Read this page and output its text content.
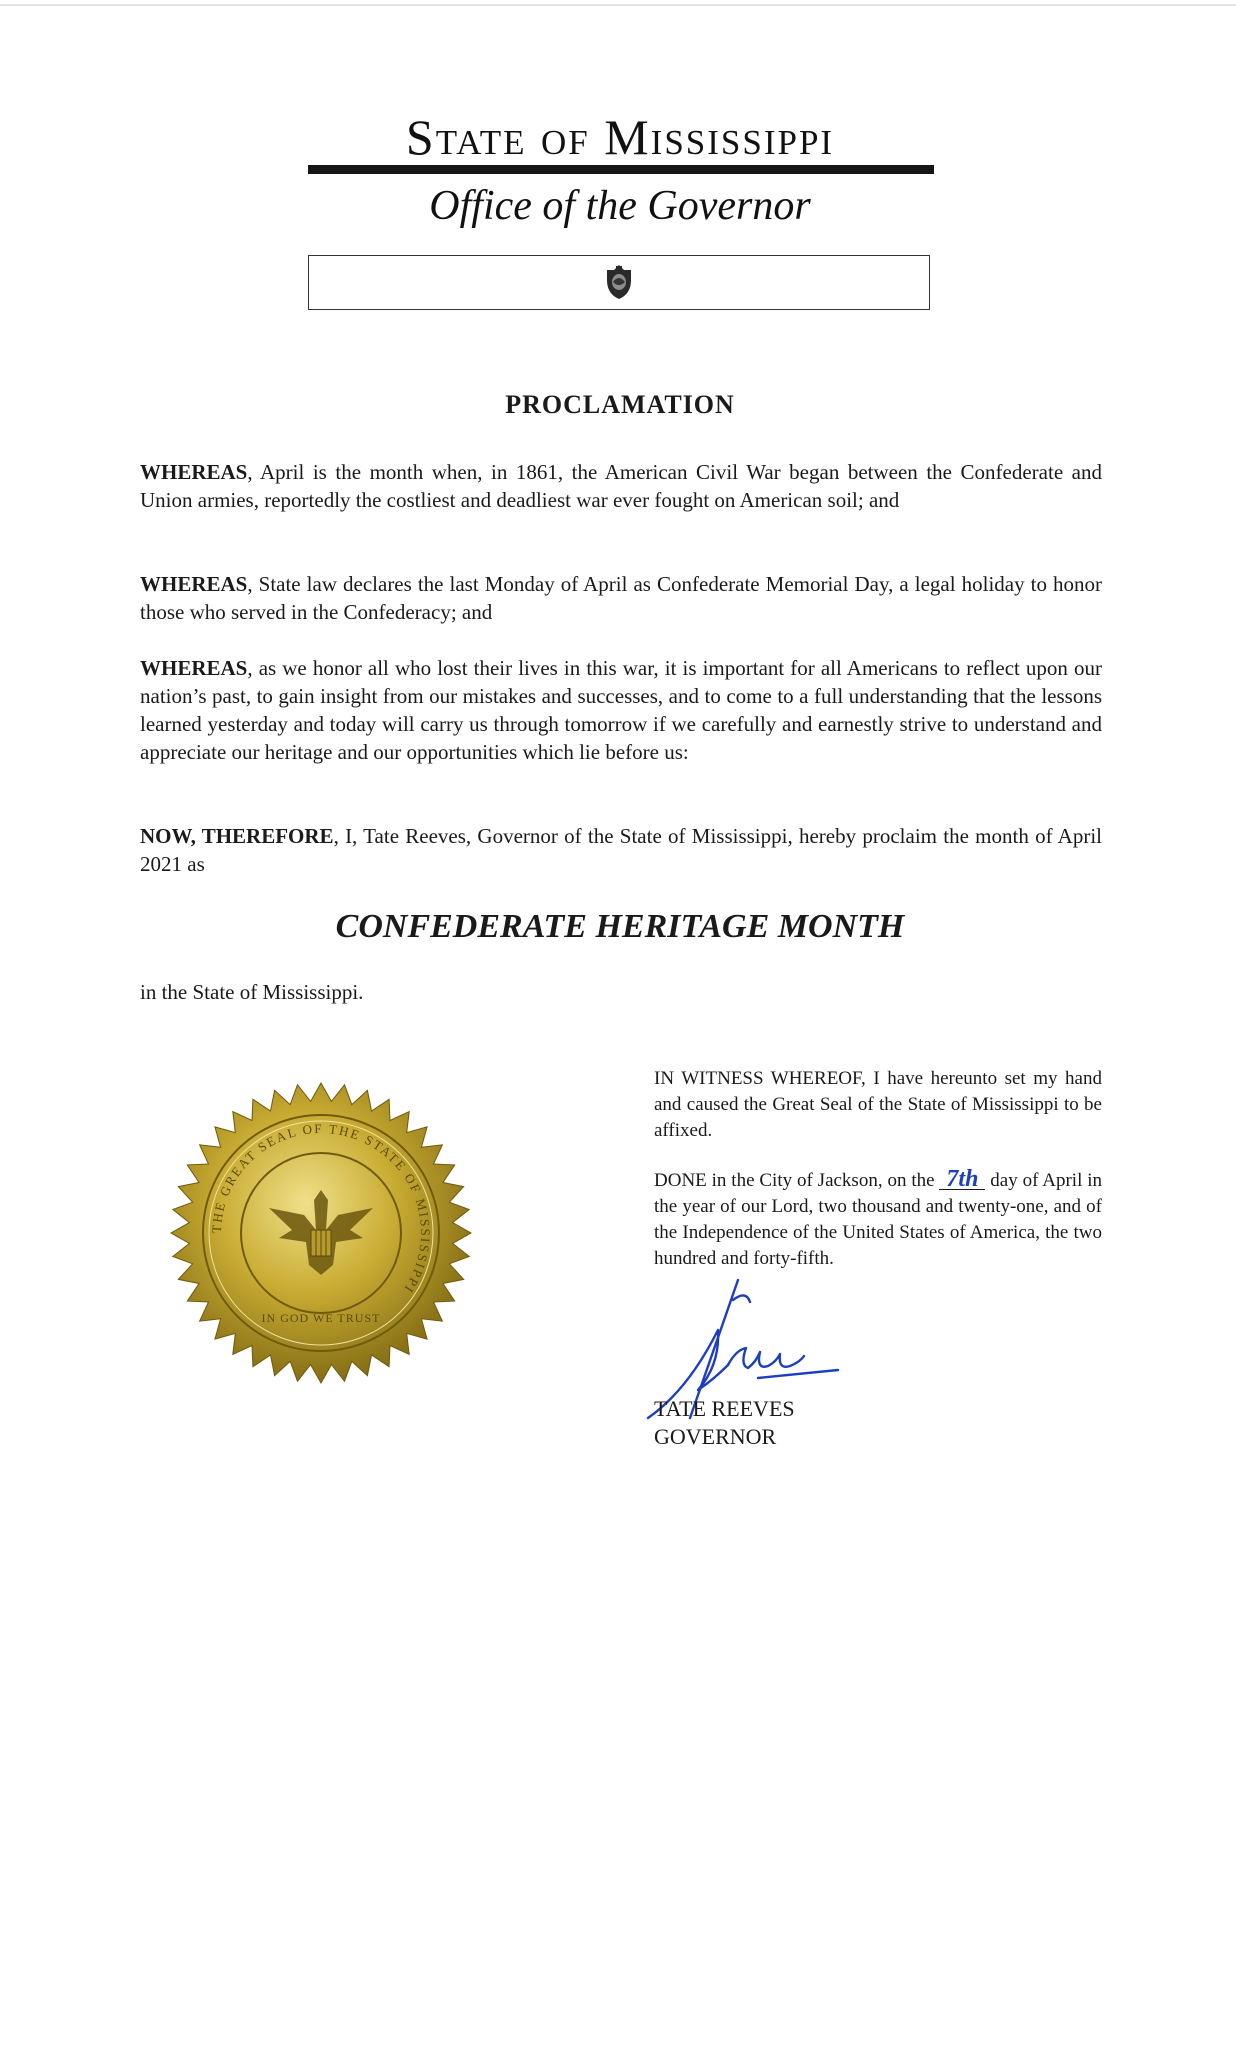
State of Mississippi
Office of the Governor
PROCLAMATION

WHEREAS, April is the month when, in 1861, the American Civil War began between the Confederate and Union armies, reportedly the costliest and deadliest war ever fought on American soil; and

WHEREAS, State law declares the last Monday of April as Confederate Memorial Day, a legal holiday to honor those who served in the Confederacy; and

WHEREAS, as we honor all who lost their lives in this war, it is important for all Americans to reflect upon our nation’s past, to gain insight from our mistakes and successes, and to come to a full understanding that the lessons learned yesterday and today will carry us through tomorrow if we carefully and earnestly strive to understand and appreciate our heritage and our opportunities which lie before us:

NOW, THEREFORE, I, Tate Reeves, Governor of the State of Mississippi, hereby proclaim the month of April 2021 as

CONFEDERATE HERITAGE MONTH

in the State of Mississippi.

THE GREAT SEAL OF THE STATE OF MISSISSIPPI
IN GOD WE TRUST

IN WITNESS WHEREOF, I have hereunto set my hand and caused the Great Seal of the State of Mississippi to be affixed.

DONE in the City of Jackson, on the 7th day of April in the year of our Lord, two thousand and twenty-one, and of the Independence of the United States of America, the two hundred and forty-fifth.

TATE REEVES

GOVERNOR
